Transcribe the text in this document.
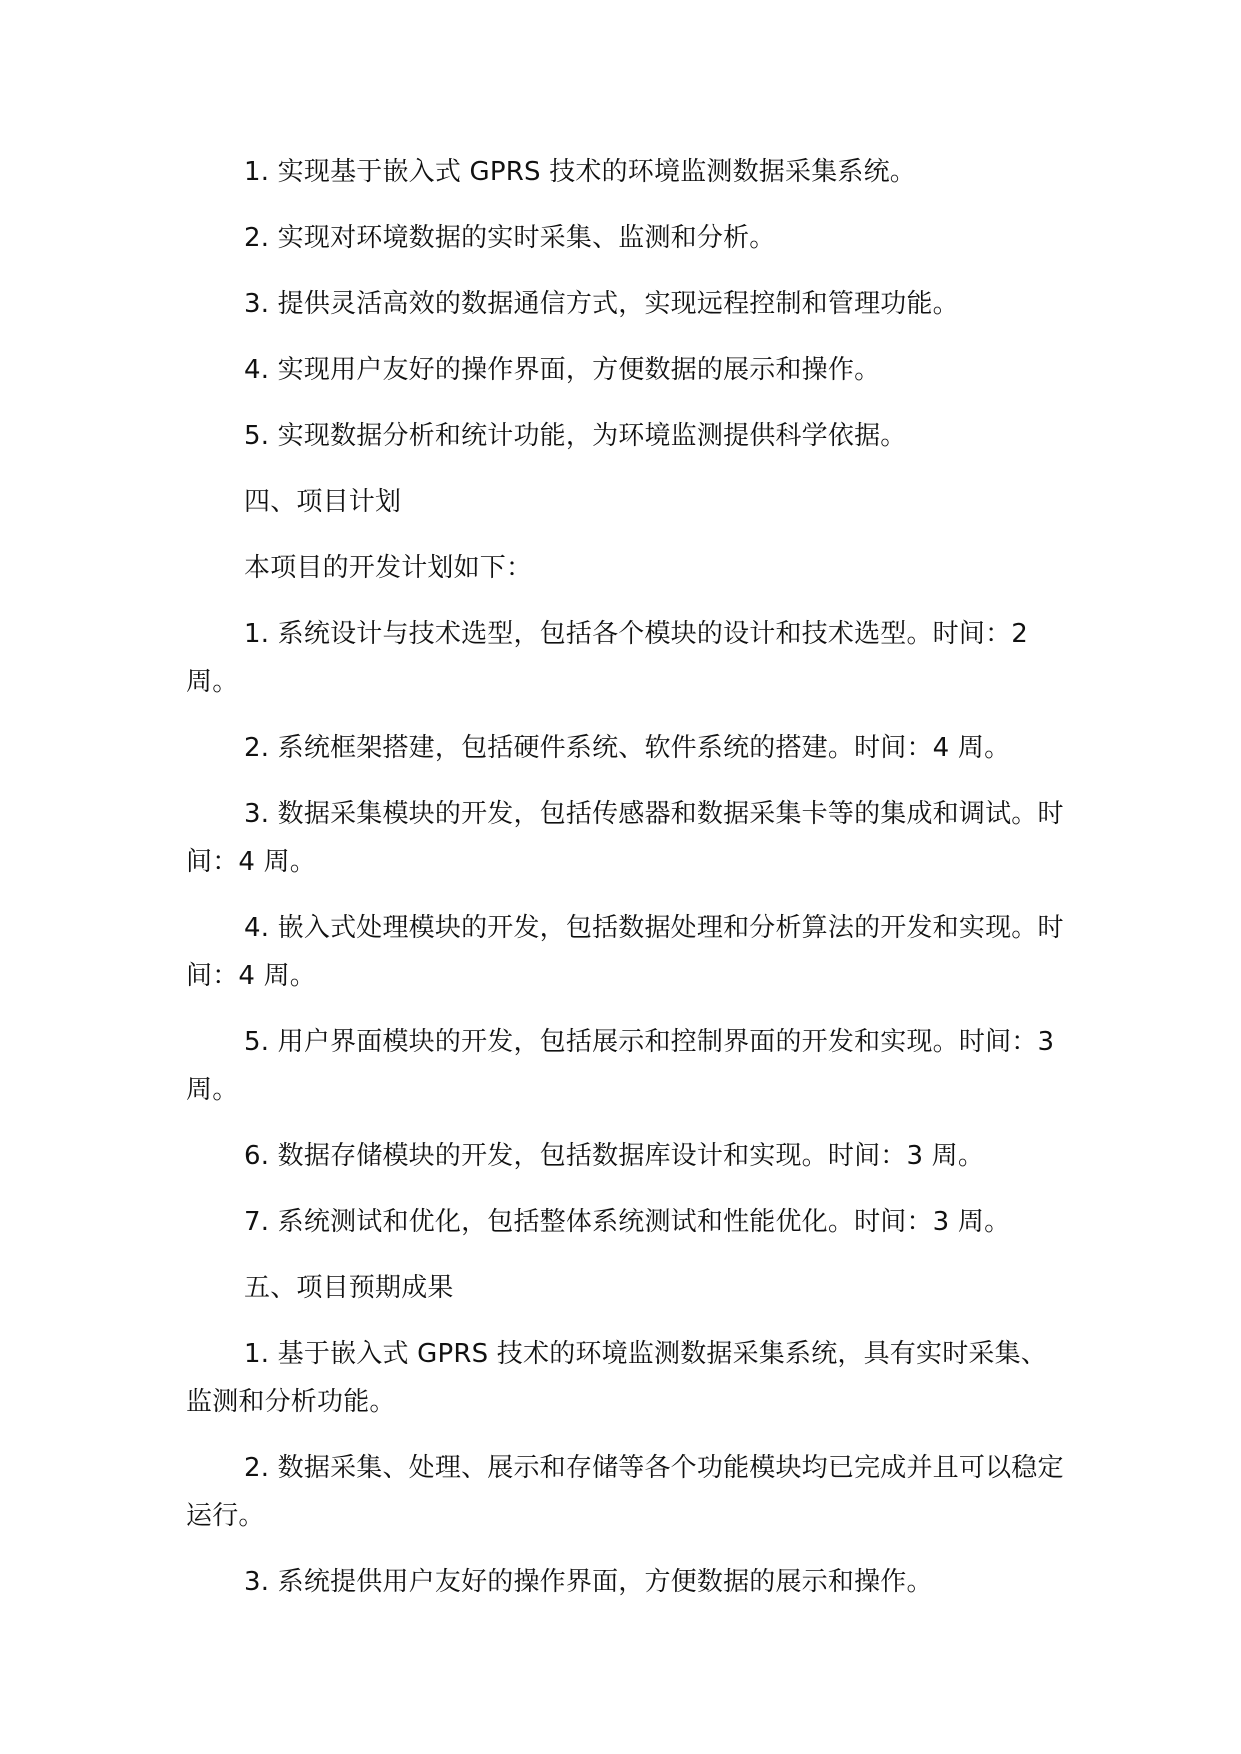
1. 实现基于嵌入式 GPRS 技术的环境监测数据采集系统。

2. 实现对环境数据的实时采集、监测和分析。

3. 提供灵活高效的数据通信方式，实现远程控制和管理功能。

4. 实现用户友好的操作界面，方便数据的展示和操作。

5. 实现数据分析和统计功能，为环境监测提供科学依据。

四、项目计划

本项目的开发计划如下：

1. 系统设计与技术选型，包括各个模块的设计和技术选型。时间：2 周。

2. 系统框架搭建，包括硬件系统、软件系统的搭建。时间：4 周。

3. 数据采集模块的开发，包括传感器和数据采集卡等的集成和调试。时间：4 周。

4. 嵌入式处理模块的开发，包括数据处理和分析算法的开发和实现。时间：4 周。

5. 用户界面模块的开发，包括展示和控制界面的开发和实现。时间：3 周。

6. 数据存储模块的开发，包括数据库设计和实现。时间：3 周。

7. 系统测试和优化，包括整体系统测试和性能优化。时间：3 周。

五、项目预期成果

1. 基于嵌入式 GPRS 技术的环境监测数据采集系统，具有实时采集、监测和分析功能。

2. 数据采集、处理、展示和存储等各个功能模块均已完成并且可以稳定运行。

3. 系统提供用户友好的操作界面，方便数据的展示和操作。
